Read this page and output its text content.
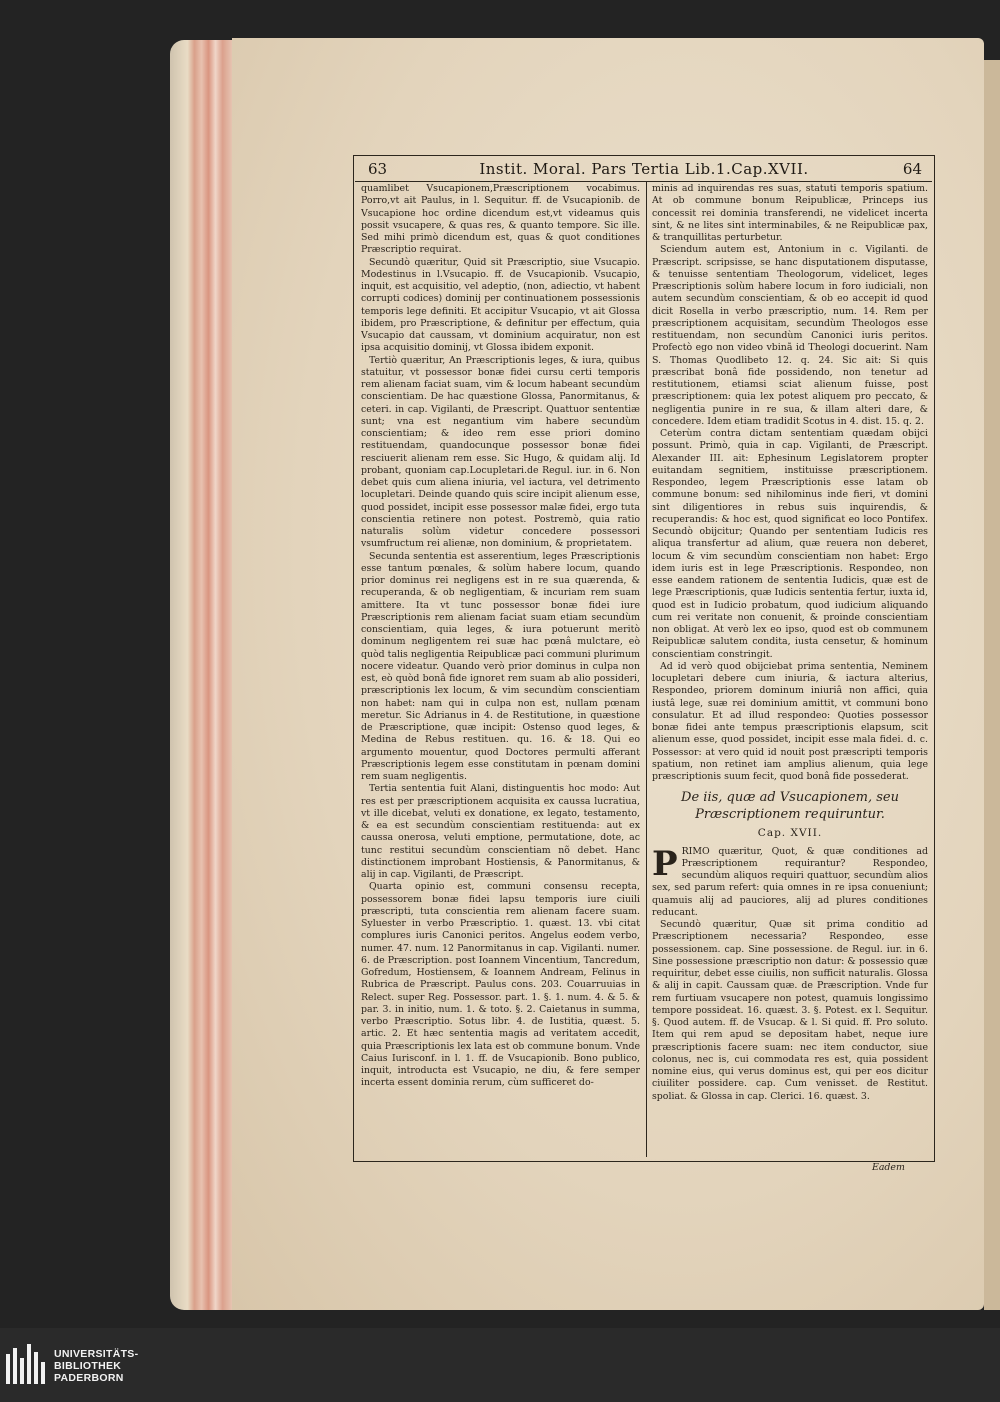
63	Instit. Moral. Pars Tertia Lib.1.Cap.XVII.	64

quamlibet Vsucapionem,Præscriptionem vocabimus. Porro,vt ait Paulus, in l. Sequitur. ff. de Vsucapionib. de Vsucapione hoc ordine dicendum est,vt videamus quis possit vsucapere, & quas res, & quanto tempore. Sic ille. Sed mihi primò dicendum est, quas & quot conditiones Præscriptio requirat.

Secundò quæritur, Quid sit Præscriptio, siue Vsucapio. Modestinus in l.Vsucapio. ff. de Vsucapionib. Vsucapio, inquit, est acquisitio, vel adeptio, (non, adiectio, vt habent corrupti codices) dominij per continuationem possessionis temporis lege definiti. Et accipitur Vsucapio, vt ait Glossa ibidem, pro Præscriptione, & definitur per effectum, quia Vsucapio dat caussam, vt dominium acquiratur, non est ipsa acquisitio dominij, vt Glossa ibidem exponit.

Tertiò quæritur, An Præscriptionis leges, & iura, quibus statuitur, vt possessor bonæ fidei cursu certi temporis rem alienam faciat suam, vim & locum habeant secundùm conscientiam. De hac quæstione Glossa, Panormitanus, & ceteri. in cap. Vigilanti, de Præscript. Quattuor sententiæ sunt; vna est negantium vim habere secundùm conscientiam; & ideo rem esse priori domino restituendam, quandocunque possessor bonæ fidei resciuerit alienam rem esse. Sic Hugo, & quidam alij. Id probant, quoniam cap.Locupletari.de Regul. iur. in 6. Non debet quis cum aliena iniuria, vel iactura, vel detrimento locupletari. Deinde quando quis scire incipit alienum esse, quod possidet, incipit esse possessor malæ fidei, ergo tuta conscientia retinere non potest. Postremò, quia ratio naturalis solùm videtur concedere possessori vsumfructum rei alienæ, non dominium, & proprietatem.

Secunda sententia est asserentium, leges Præscriptionis esse tantum pœnales, & solùm habere locum, quando prior dominus rei negligens est in re sua quærenda, & recuperanda, & ob negligentiam, & incuriam rem suam amittere. Ita vt tunc possessor bonæ fidei iure Præscriptionis rem alienam faciat suam etiam secundùm conscientiam, quia leges, & iura potuerunt meritò dominum negligentem rei suæ hac pœnâ mulctare, eò quòd talis negligentia Reipublicæ paci communi plurimum nocere videatur. Quando verò prior dominus in culpa non est, eò quòd bonâ fide ignoret rem suam ab alio possideri, præscriptionis lex locum, & vim secundùm conscientiam non habet: nam qui in culpa non est, nullam pœnam meretur. Sic Adrianus in 4. de Restitutione, in quæstione de Præscriptione, quæ incipit: Ostenso quod leges, & Medina de Rebus restituen. qu. 16. & 18. Qui eo argumento mouentur, quod Doctores permulti afferant Præscriptionis legem esse constitutam in pœnam domini rem suam negligentis.

Tertia sententia fuit Alani, distinguentis hoc modo: Aut res est per præscriptionem acquisita ex caussa lucratiua, vt ille dicebat, veluti ex donatione, ex legato, testamento, & ea est secundùm conscientiam restituenda: aut ex caussa onerosa, veluti emptione, permutatione, dote, ac tunc restitui secundùm conscientiam nõ debet. Hanc distinctionem improbant Hostiensis, & Panormitanus, & alij in cap. Vigilanti, de Præscript.

Quarta opinio est, communi consensu recepta, possessorem bonæ fidei lapsu temporis iure ciuili præscripti, tuta conscientia rem alienam facere suam. Syluester in verbo Præscriptio. 1. quæst. 13. vbi citat complures iuris Canonici peritos. Angelus eodem verbo, numer. 47. num. 12 Panormitanus in cap. Vigilanti. numer. 6. de Præscription. post Ioannem Vincentium, Tancredum, Gofredum, Hostiensem, & Ioannem Andream, Felinus in Rubrica de Præscript. Paulus cons. 203. Couarruuias in Relect. super Reg. Possessor. part. 1. §. 1. num. 4. & 5. & par. 3. in initio, num. 1. & toto. §. 2. Caietanus in summa, verbo Præscriptio. Sotus libr. 4. de Iustitia, quæst. 5. artic. 2. Et hæc sententia magis ad veritatem accedit, quia Præscriptionis lex lata est ob commune bonum. Vnde Caius Iurisconf. in l. 1. ff. de Vsucapionib. Bono publico, inquit, introducta est Vsucapio, ne diu, & fere semper incerta essent dominia rerum, cùm sufficeret do-

minis ad inquirendas res suas, statuti temporis spatium. At ob commune bonum Reipublicæ, Princeps ius concessit rei dominia transferendi, ne videlicet incerta sint, & ne lites sint interminabiles, & ne Reipublicæ pax, & tranquillitas perturbetur.

Sciendum autem est, Antonium in c. Vigilanti. de Præscript. scripsisse, se hanc disputationem disputasse, & tenuisse sententiam Theologorum, videlicet, leges Præscriptionis solùm habere locum in foro iudiciali, non autem secundùm conscientiam, & ob eo accepit id quod dicit Rosella in verbo præscriptio, num. 14. Rem per præscriptionem acquisitam, secundùm Theologos esse restituendam, non secundùm Canonici iuris peritos. Profectò ego non video vbinã id Theologi docuerint. Nam S. Thomas Quodlibeto 12. q. 24. Sic ait: Si quis præscribat bonâ fide possidendo, non tenetur ad restitutionem, etiamsi sciat alienum fuisse, post præscriptionem: quia lex potest aliquem pro peccato, & negligentia punire in re sua, & illam alteri dare, & concedere. Idem etiam tradidit Scotus in 4. dist. 15. q. 2.

Ceterùm contra dictam sententiam quædam obijci possunt. Primò, quia in cap. Vigilanti, de Præscript. Alexander III. ait: Ephesinum Legislatorem propter euitandam segnitiem, instituisse præscriptionem. Respondeo, legem Præscriptionis esse latam ob commune bonum: sed nihilominus inde fieri, vt domini sint diligentiores in rebus suis inquirendis, & recuperandis: & hoc est, quod significat eo loco Pontifex. Secundò obijcitur; Quando per sententiam Iudicis res aliqua transfertur ad alium, quæ reuera non deberet, locum & vim secundùm conscientiam non habet: Ergo idem iuris est in lege Præscriptionis. Respondeo, non esse eandem rationem de sententia Iudicis, quæ est de lege Præscriptionis, quæ Iudicis sententia fertur, iuxta id, quod est in Iudicio probatum, quod iudicium aliquando cum rei veritate non conuenit, & proinde conscientiam non obligat. At verò lex eo ipso, quod est ob communem Reipublicæ salutem condita, iusta censetur, & hominum conscientiam constringit.

Ad id verò quod obijciebat prima sententia, Neminem locupletari debere cum iniuria, & iactura alterius, Respondeo, priorem dominum iniuriâ non affici, quia iustâ lege, suæ rei dominium amittit, vt communi bono consulatur. Et ad illud respondeo: Quoties possessor bonæ fidei ante tempus præscriptionis elapsum, scit alienum esse, quod possidet, incipit esse mala fidei. d. c. Possessor: at vero quid id nouit post præscripti temporis spatium, non retinet iam amplius alienum, quia lege præscriptionis suum fecit, quod bonâ fide possederat.

De iis, quæ ad Vsucapionem, seu Præscriptionem requiruntur.
Cap. XVII.

PRIMO quæritur, Quot, & quæ conditiones ad Præscriptionem requirantur? Respondeo, secundùm aliquos requiri quattuor, secundùm alios sex, sed parum refert: quia omnes in re ipsa conueniunt; quamuis alij ad pauciores, alij ad plures conditiones reducant.

Secundò quæritur, Quæ sit prima conditio ad Præscriptionem necessaria? Respondeo, esse possessionem. cap. Sine possessione. de Regul. iur. in 6. Sine possessione præscriptio non datur: & possessio quæ requiritur, debet esse ciuilis, non sufficit naturalis. Glossa & alij in capit. Caussam quæ. de Præscription. Vnde fur rem furtiuam vsucapere non potest, quamuis longissimo tempore possideat. 16. quæst. 3. §. Potest. ex l. Sequitur. §. Quod autem. ff. de Vsucap. & l. Si quid. ff. Pro soluto. Item qui rem apud se depositam habet, neque iure præscriptionis facere suam: nec item conductor, siue colonus, nec is, cui commodata res est, quia possident nomine eius, qui verus dominus est, qui per eos dicitur ciuiliter possidere. cap. Cum venisset. de Restitut. spoliat. & Glossa in cap. Clerici. 16. quæst. 3.

Eadem
UNIVERSITÄTS-
BIBLIOTHEK
PADERBORN
